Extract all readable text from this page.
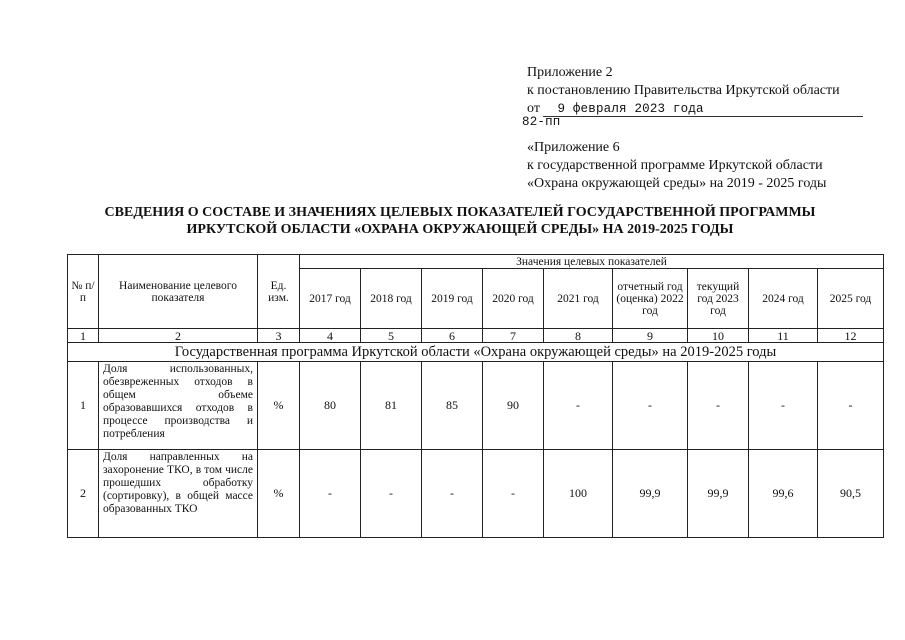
Приложение 2
к постановлению Правительства Иркутской области
от 9 февраля 2023 года
82-пп
«Приложение 6
к государственной программе Иркутской области
«Охрана окружающей среды» на 2019 - 2025 годы
СВЕДЕНИЯ О СОСТАВЕ И ЗНАЧЕНИЯХ ЦЕЛЕВЫХ ПОКАЗАТЕЛЕЙ ГОСУДАРСТВЕННОЙ ПРОГРАММЫ
ИРКУТСКОЙ ОБЛАСТИ «ОХРАНА ОКРУЖАЮЩЕЙ СРЕДЫ» НА 2019-2025 ГОДЫ
№ п/п	Наименование целевого показателя	Ед. изм.	Значения целевых показателей								
			2017 год	2018 год	2019 год	2020 год	2021 год	отчетный год (оценка) 2022 год	текущий год 2023 год	2024 год	2025 год
1	2	3	4	5	6	7	8	9	10	11	12
Государственная программа Иркутской области «Охрана окружающей среды» на 2019-2025 годы											
1	Доля использованных, обезвреженных отходов в общем объеме образовавшихся отходов в процессе производства и потребления	%	80	81	85	90	-	-	-	-	-
2	Доля направленных на захоронение ТКО, в том числе прошедших обработку (сортировку), в общей массе образованных ТКО	%	-	-	-	-	100	99,9	99,9	99,6	90,5
